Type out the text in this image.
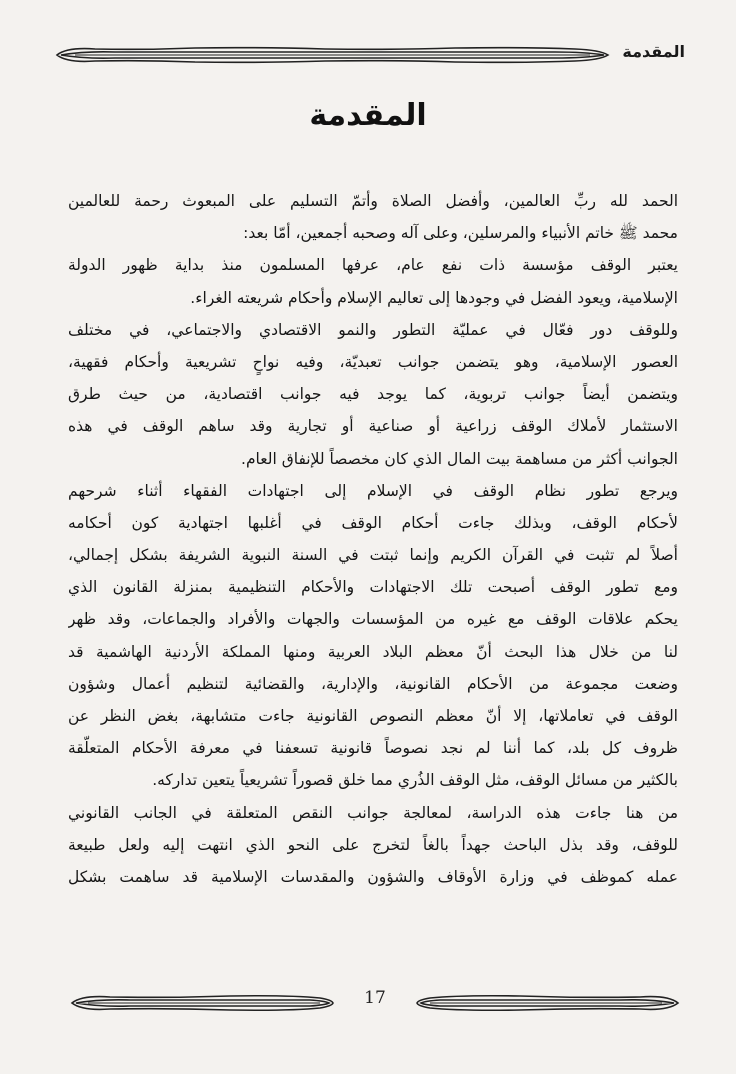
المقدمة
المقدمة
الحمد لله ربِّ العالمين، وأفضل الصلاة وأتمّ التسليم على المبعوث رحمة للعالمين
محمد ﷺ خاتم الأنبياء والمرسلين، وعلى آله وصحبه أجمعين، أمّا بعد:
يعتبر الوقف مؤسسة ذات نفع عام، عرفها المسلمون منذ بداية ظهور الدولة
الإسلامية، ويعود الفضل في وجودها إلى تعاليم الإسلام وأحكام شريعته الغراء.
وللوقف دور فعّال في عمليّة التطور والنمو الاقتصادي والاجتماعي، في مختلف
العصور الإسلامية، وهو يتضمن جوانب تعبديّة، وفيه نواحٍ تشريعية وأحكام فقهية،
ويتضمن أيضاً جوانب تربوية، كما يوجد فيه جوانب اقتصادية، من حيث طرق
الاستثمار لأملاك الوقف زراعية أو صناعية أو تجارية وقد ساهم الوقف في هذه
الجوانب أكثر من مساهمة بيت المال الذي كان مخصصاً للإنفاق العام.
ويرجع تطور نظام الوقف في الإسلام إلى اجتهادات الفقهاء أثناء شرحهم
لأحكام الوقف، وبذلك جاءت أحكام الوقف في أغلبها اجتهادية كون أحكامه
أصلاً لم تثبت في القرآن الكريم وإنما ثبتت في السنة النبوية الشريفة بشكل إجمالي،
ومع تطور الوقف أصبحت تلك الاجتهادات والأحكام التنظيمية بمنزلة القانون الذي
يحكم علاقات الوقف مع غيره من المؤسسات والجهات والأفراد والجماعات، وقد ظهر
لنا من خلال هذا البحث أنّ معظم البلاد العربية ومنها المملكة الأردنية الهاشمية قد
وضعت مجموعة من الأحكام القانونية، والإدارية، والقضائية لتنظيم أعمال وشؤون
الوقف في تعاملاتها، إلا أنّ معظم النصوص القانونية جاءت متشابهة، بغض النظر عن
ظروف كل بلد، كما أننا لم نجد نصوصاً قانونية تسعفنا في معرفة الأحكام المتعلّقة
بالكثير من مسائل الوقف، مثل الوقف الذُري مما خلق قصوراً تشريعياً يتعين تداركه.
من هنا جاءت هذه الدراسة، لمعالجة جوانب النقص المتعلقة في الجانب القانوني
للوقف، وقد بذل الباحث جهداً بالغاً لتخرج على النحو الذي انتهت إليه ولعل طبيعة
عمله كموظف في وزارة الأوقاف والشؤون والمقدسات الإسلامية قد ساهمت بشكل
17
